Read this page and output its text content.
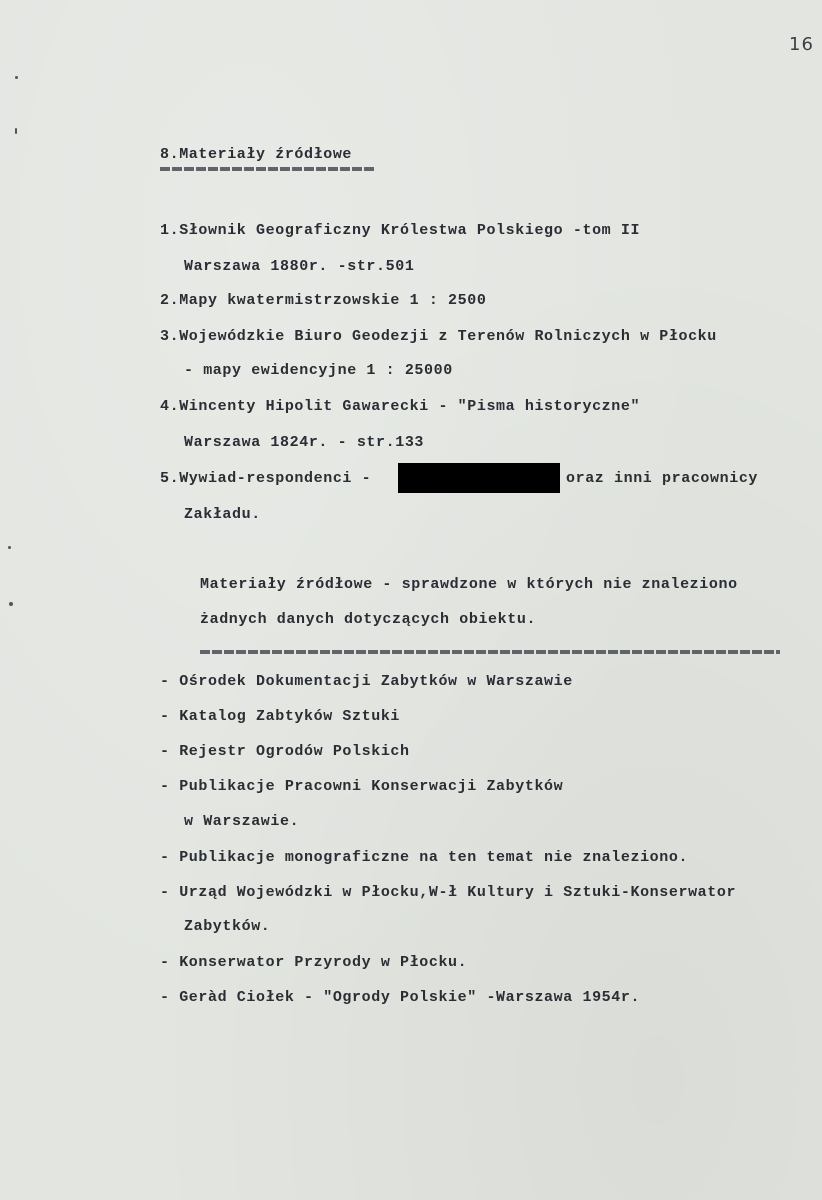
16
8.Materiały źródłowe
1.Słownik Geograficzny Królestwa Polskiego -tom II
Warszawa 1880r. -str.501
2.Mapy kwatermistrzowskie 1 : 2500
3.Wojewódzkie Biuro Geodezji z Terenów Rolniczych w Płocku
- mapy ewidencyjne 1 : 25000
4.Wincenty Hipolit Gawarecki - "Pisma historyczne"
Warszawa 1824r. - str.133
5.Wywiad-respondenci -	oraz inni pracownicy
Zakładu.
Materiały źródłowe - sprawdzone w których nie znaleziono
żadnych danych dotyczących obiektu.
- Ośrodek Dokumentacji Zabytków w Warszawie
- Katalog Zabtyków Sztuki
- Rejestr Ogrodów Polskich
- Publikacje Pracowni Konserwacji Zabytków
w Warszawie.
- Publikacje monograficzne na ten temat nie znaleziono.
- Urząd Wojewódzki w Płocku,W-ł Kultury i Sztuki-Konserwator
Zabytków.
- Konserwator Przyrody w Płocku.
- Geràd Ciołek - "Ogrody Polskie" -Warszawa 1954r.
